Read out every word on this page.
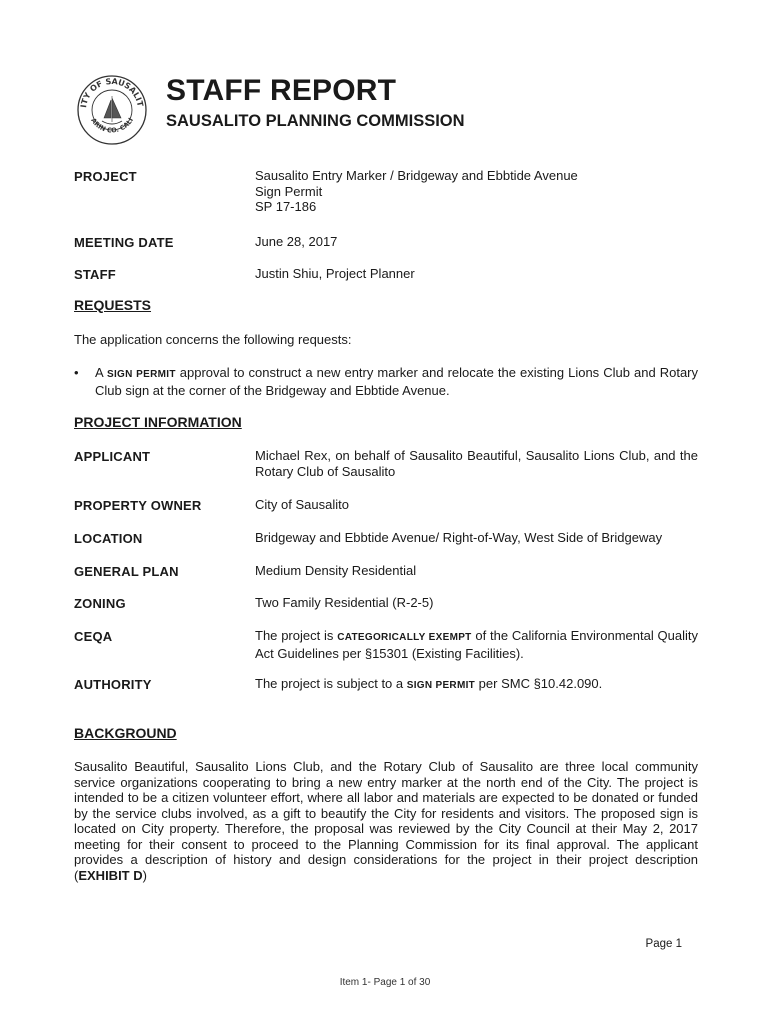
ITY OF SAUSALIT
ARIN CO. CALI
STAFF REPORT
SAUSALITO PLANNING COMMISSION
PROJECT	Sausalito Entry Marker / Bridgeway and Ebbtide Avenue
Sign Permit
SP 17-186
MEETING DATE	June 28, 2017
STAFF	Justin Shiu, Project Planner
REQUESTS
The application concerns the following requests:
• A SIGN PERMIT approval to construct a new entry marker and relocate the existing Lions Club and Rotary Club sign at the corner of the Bridgeway and Ebbtide Avenue.
PROJECT INFORMATION
APPLICANT	Michael Rex, on behalf of Sausalito Beautiful, Sausalito Lions Club, and the Rotary Club of Sausalito
PROPERTY OWNER	City of Sausalito
LOCATION	Bridgeway and Ebbtide Avenue/ Right-of-Way, West Side of Bridgeway
GENERAL PLAN	Medium Density Residential
ZONING	Two Family Residential (R-2-5)
CEQA	The project is CATEGORICALLY EXEMPT of the California Environmental Quality Act Guidelines per §15301 (Existing Facilities).
AUTHORITY	The project is subject to a SIGN PERMIT per SMC §10.42.090.
BACKGROUND
Sausalito Beautiful, Sausalito Lions Club, and the Rotary Club of Sausalito are three local community service organizations cooperating to bring a new entry marker at the north end of the City. The project is intended to be a citizen volunteer effort, where all labor and materials are expected to be donated or funded by the service clubs involved, as a gift to beautify the City for residents and visitors. The proposed sign is located on City property. Therefore, the proposal was reviewed by the City Council at their May 2, 2017 meeting for their consent to proceed to the Planning Commission for its final approval. The applicant provides a description of history and design considerations for the project in their project description (EXHIBIT D)
Page 1
Item 1- Page 1 of 30
